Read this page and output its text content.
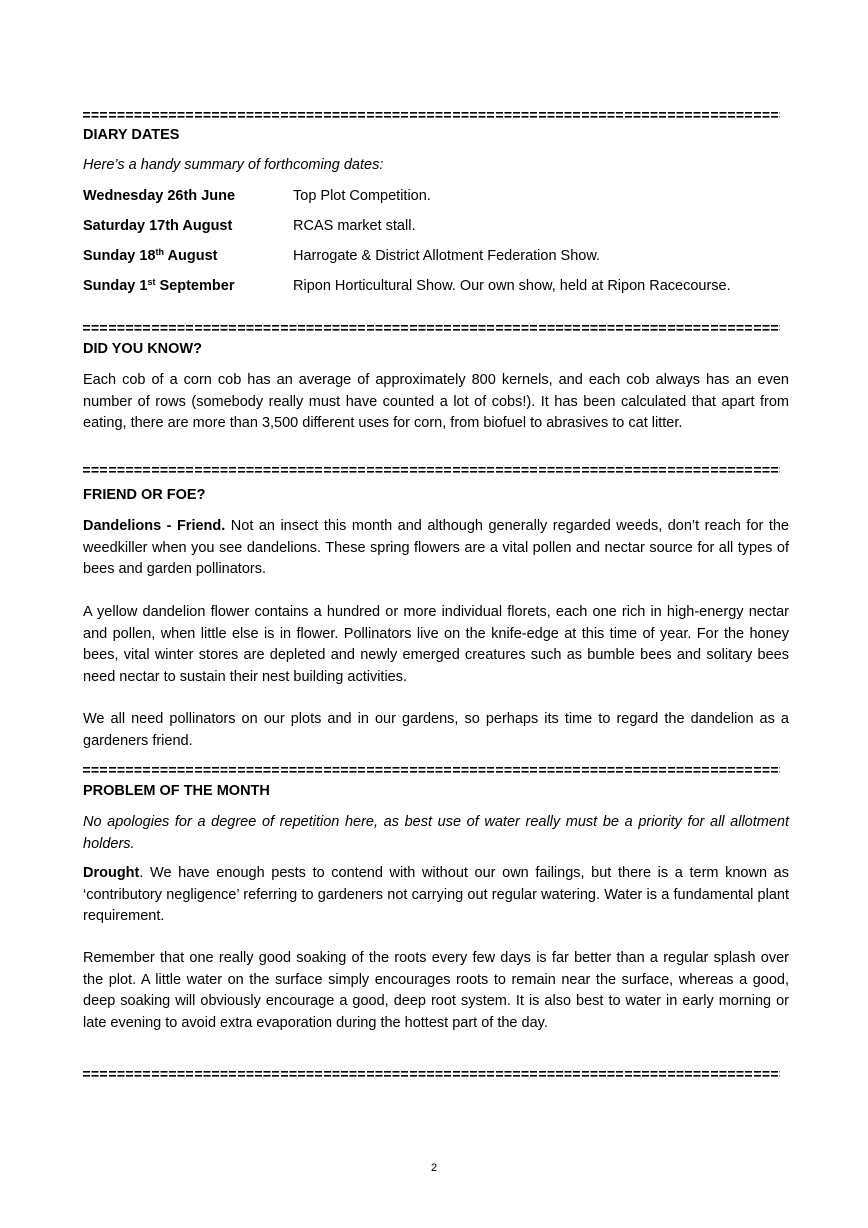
DIARY DATES
Here’s a handy summary of forthcoming dates:
Wednesday 26th June	Top Plot Competition.
Saturday 17th August	RCAS market stall.
Sunday 18th August	Harrogate & District Allotment Federation Show.
Sunday 1st September	Ripon Horticultural Show. Our own show, held at Ripon Racecourse.
DID YOU KNOW?
Each cob of a corn cob has an average of approximately 800 kernels, and each cob always has an even number of rows (somebody really must have counted a lot of cobs!). It has been calculated that apart from eating, there are more than 3,500 different uses for corn, from biofuel to abrasives to cat litter.
FRIEND OR FOE?
Dandelions - Friend. Not an insect this month and although generally regarded weeds, don’t reach for the weedkiller when you see dandelions. These spring flowers are a vital pollen and nectar source for all types of bees and garden pollinators.
A yellow dandelion flower contains a hundred or more individual florets, each one rich in high-energy nectar and pollen, when little else is in flower. Pollinators live on the knife-edge at this time of year. For the honey bees, vital winter stores are depleted and newly emerged creatures such as bumble bees and solitary bees need nectar to sustain their nest building activities.
We all need pollinators on our plots and in our gardens, so perhaps its time to regard the dandelion as a gardeners friend.
PROBLEM OF THE MONTH
No apologies for a degree of repetition here, as best use of water really must be a priority for all allotment holders.
Drought. We have enough pests to contend with without our own failings, but there is a term known as ‘contributory negligence’ referring to gardeners not carrying out regular watering. Water is a fundamental plant requirement.
Remember that one really good soaking of the roots every few days is far better than a regular splash over the plot. A little water on the surface simply encourages roots to remain near the surface, whereas a good, deep soaking will obviously encourage a good, deep root system. It is also best to water in early morning or late evening to avoid extra evaporation during the hottest part of the day.
2
